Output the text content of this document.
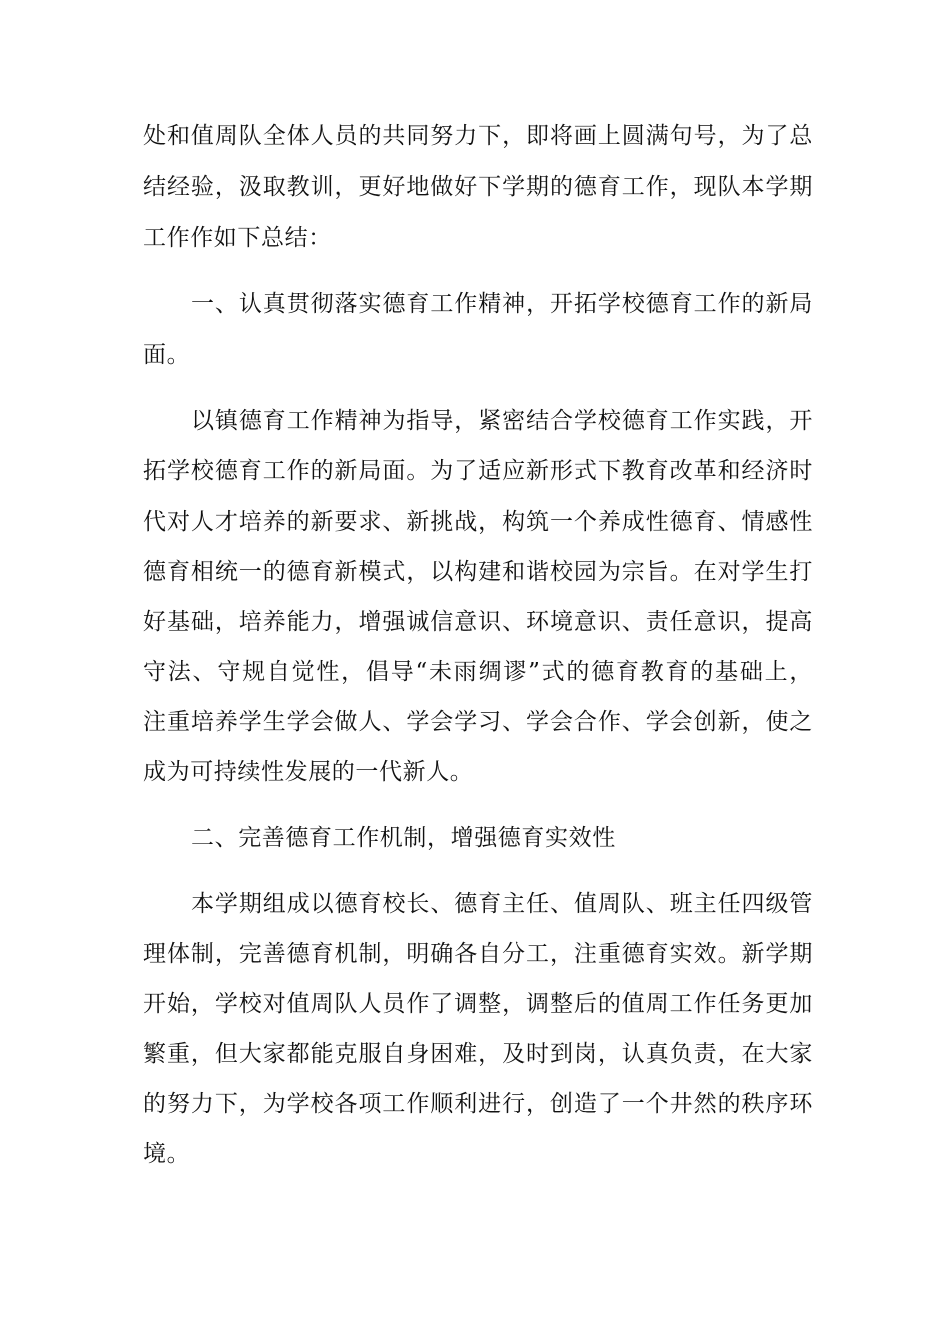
处和值周队全体人员的共同努力下，即将画上圆满句号，为了总
结经验，汲取教训，更好地做好下学期的德育工作，现队本学期
工作作如下总结：
一、认真贯彻落实德育工作精神，开拓学校德育工作的新局
面。
以镇德育工作精神为指导，紧密结合学校德育工作实践，开
拓学校德育工作的新局面。为了适应新形式下教育改革和经济时
代对人才培养的新要求、新挑战，构筑一个养成性德育、情感性
德育相统一的德育新模式，以构建和谐校园为宗旨。在对学生打
好基础，培养能力，增强诚信意识、环境意识、责任意识，提高
守法、守规自觉性，倡导“未雨绸谬”式的德育教育的基础上，
注重培养学生学会做人、学会学习、学会合作、学会创新，使之
成为可持续性发展的一代新人。
二、完善德育工作机制，增强德育实效性
本学期组成以德育校长、德育主任、值周队、班主任四级管
理体制，完善德育机制，明确各自分工，注重德育实效。新学期
开始，学校对值周队人员作了调整，调整后的值周工作任务更加
繁重，但大家都能克服自身困难，及时到岗，认真负责，在大家
的努力下，为学校各项工作顺利进行，创造了一个井然的秩序环
境。
